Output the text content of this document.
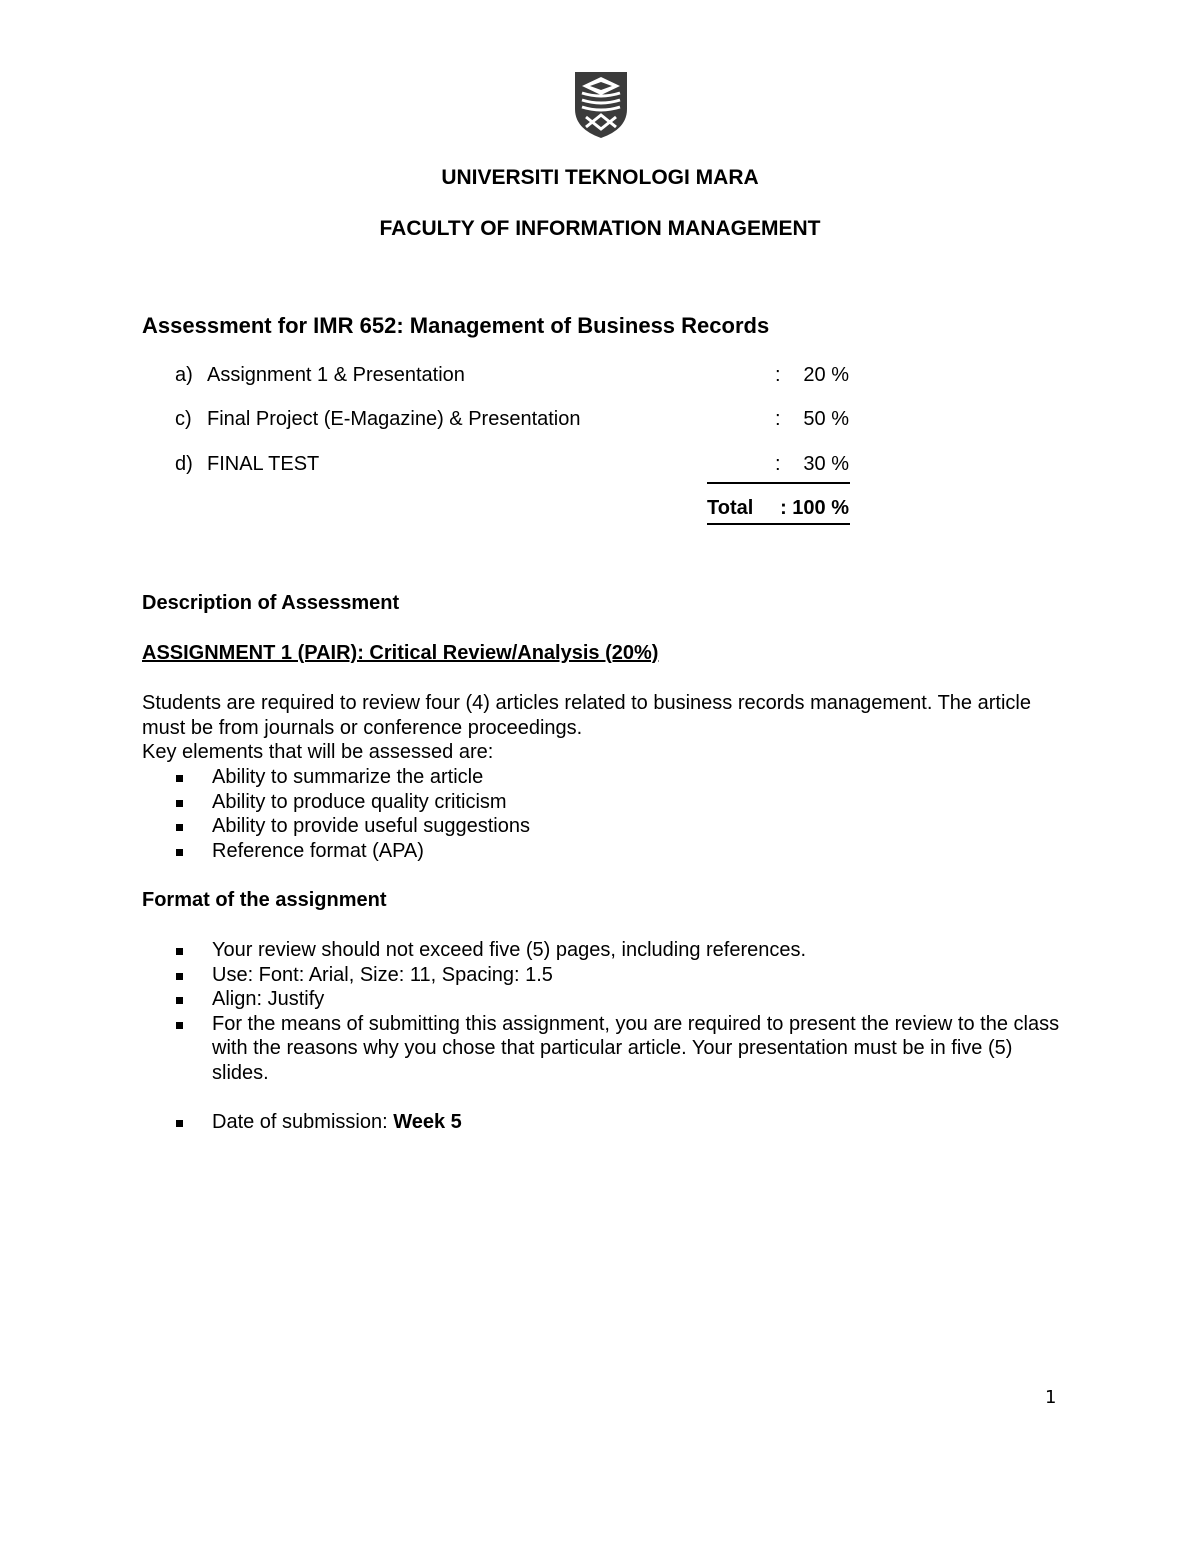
UNIVERSITI TEKNOLOGI MARA
FACULTY OF INFORMATION MANAGEMENT
Assessment for IMR 652: Management of Business Records
a) Assignment 1 & Presentation	: 20 %
c) Final Project (E-Magazine) & Presentation	: 50 %
d) FINAL TEST	: 30 %
Total : 100 %
Description of Assessment
ASSIGNMENT 1 (PAIR): Critical Review/Analysis (20%)
Students are required to review four (4) articles related to business records management. The article must be from journals or conference proceedings.
Key elements that will be assessed are:
Ability to summarize the article
Ability to produce quality criticism
Ability to provide useful suggestions
Reference format (APA)
Format of the assignment
Your review should not exceed five (5) pages, including references.
Use: Font: Arial, Size: 11, Spacing: 1.5
Align: Justify
For the means of submitting this assignment, you are required to present the review to the class with the reasons why you chose that particular article. Your presentation must be in five (5) slides.
Date of submission: Week 5
1
